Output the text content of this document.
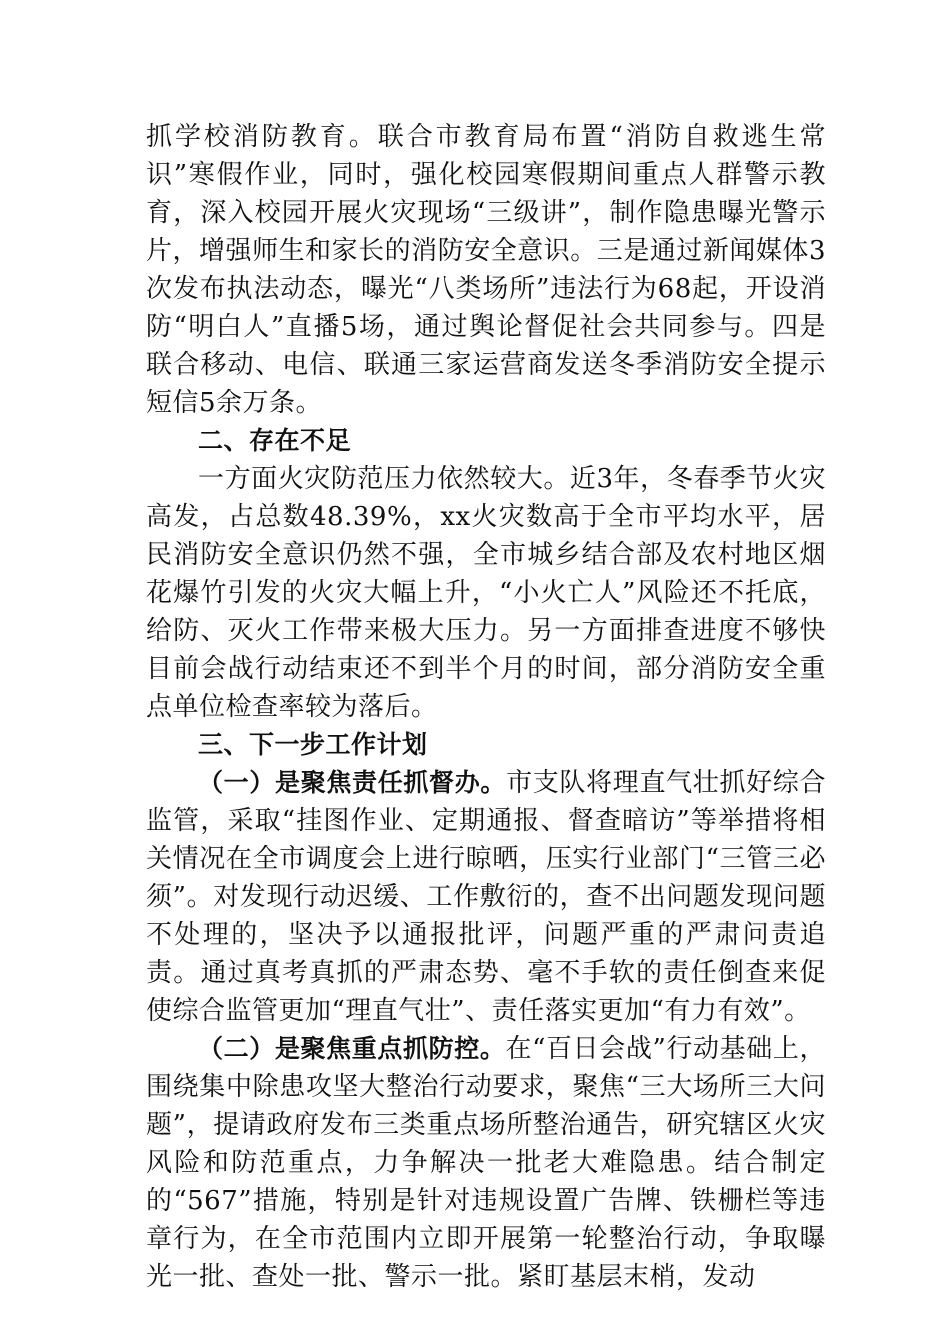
抓学校消防教育。联合市教育局布置“消防自救逃生常识”寒假作业，同时，强化校园寒假期间重点人群警示教育，深入校园开展火灾现场“三级讲”，制作隐患曝光警示片，增强师生和家长的消防安全意识。三是通过新闻媒体3次发布执法动态，曝光“八类场所”违法行为68起，开设消防“明白人”直播5场，通过舆论督促社会共同参与。四是联合移动、电信、联通三家运营商发送冬季消防安全提示短信5余万条。

二、存在不足

一方面火灾防范压力依然较大。近3年，冬春季节火灾高发，占总数48.39%，xx火灾数高于全市平均水平，居民消防安全意识仍然不强，全市城乡结合部及农村地区烟花爆竹引发的火灾大幅上升，“小火亡人”风险还不托底，给防、灭火工作带来极大压力。另一方面排查进度不够快目前会战行动结束还不到半个月的时间，部分消防安全重点单位检查率较为落后。

三、下一步工作计划

（一）是聚焦责任抓督办。市支队将理直气壮抓好综合监管，采取“挂图作业、定期通报、督查暗访”等举措将相关情况在全市调度会上进行晾晒，压实行业部门“三管三必须”。对发现行动迟缓、工作敷衍的，查不出问题发现问题不处理的，坚决予以通报批评，问题严重的严肃问责追责。通过真考真抓的严肃态势、毫不手软的责任倒查来促使综合监管更加“理直气壮”、责任落实更加“有力有效”。

（二）是聚焦重点抓防控。在“百日会战”行动基础上，围绕集中除患攻坚大整治行动要求，聚焦“三大场所三大问题”，提请政府发布三类重点场所整治通告，研究辖区火灾风险和防范重点，力争解决一批老大难隐患。结合制定的“567”措施，特别是针对违规设置广告牌、铁栅栏等违章行为，在全市范围内立即开展第一轮整治行动，争取曝光一批、查处一批、警示一批。紧盯基层末梢，发动
